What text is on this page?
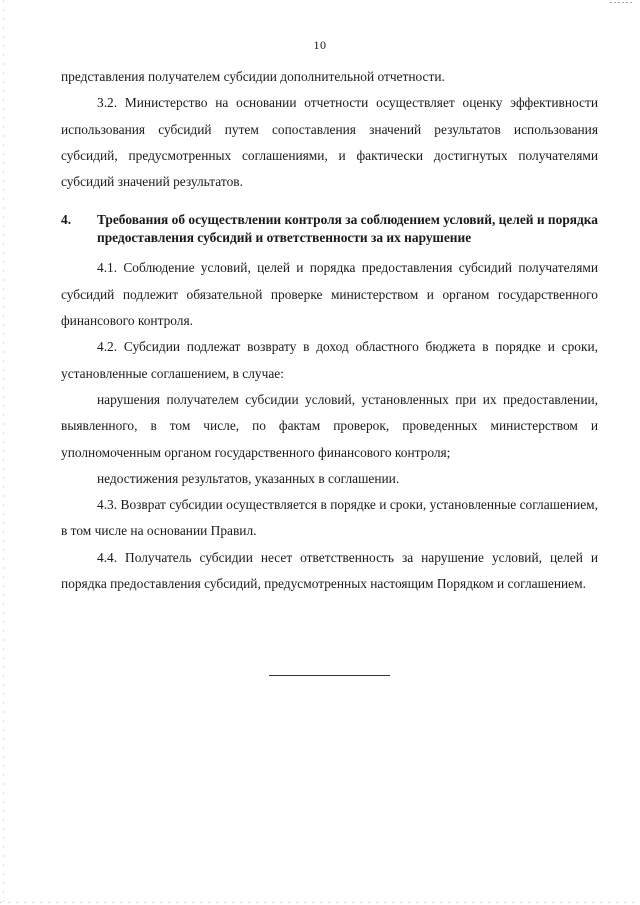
10

представления получателем субсидии дополнительной отчетности.

3.2. Министерство на основании отчетности осуществляет оценку эффективности использования субсидий путем сопоставления значений результатов использования субсидий, предусмотренных соглашениями, и фактически достигнутых получателями субсидий значений результатов.

4.	Требования об осуществлении контроля за соблюдением условий, целей и порядка предоставления субсидий и ответственности за их нарушение

4.1. Соблюдение условий, целей и порядка предоставления субсидий получателями субсидий подлежит обязательной проверке министерством и органом государственного финансового контроля.

4.2. Субсидии подлежат возврату в доход областного бюджета в порядке и сроки, установленные соглашением, в случае:

нарушения получателем субсидии условий, установленных при их предоставлении, выявленного, в том числе, по фактам проверок, проведенных министерством и уполномоченным органом государственного финансового контроля;

недостижения результатов, указанных в соглашении.

4.3. Возврат субсидии осуществляется в порядке и сроки, установленные соглашением, в том числе на основании Правил.

4.4. Получатель субсидии несет ответственность за нарушение условий, целей и порядка предоставления субсидий, предусмотренных настоящим Порядком и соглашением.
